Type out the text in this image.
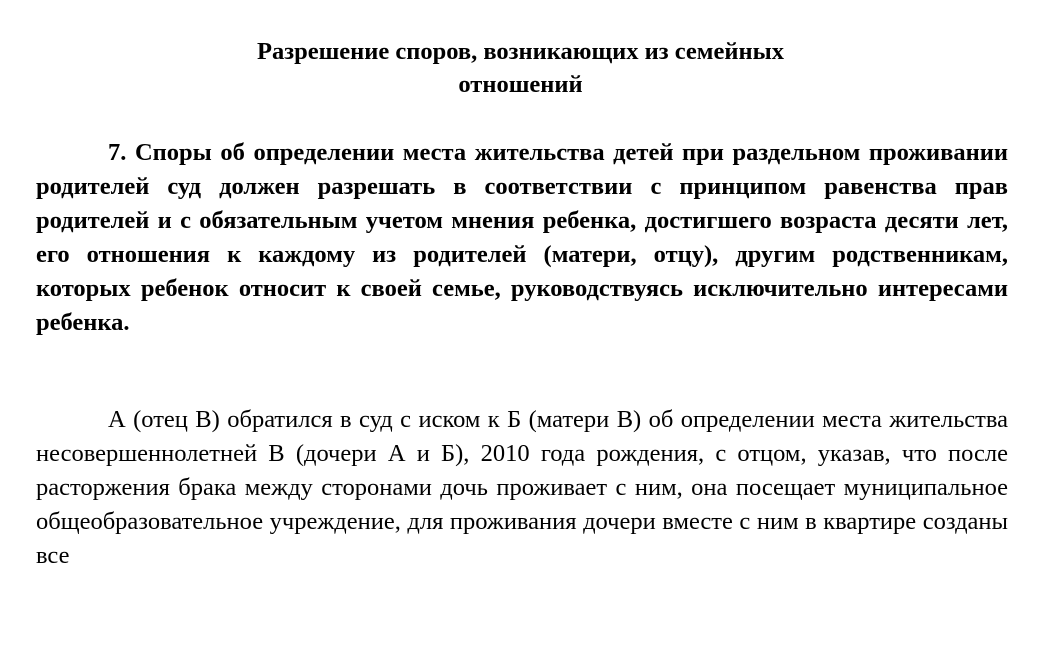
Разрешение споров, возникающих из семейных
отношений
7. Споры об определении места жительства детей при раздельном проживании родителей суд должен разрешать в соответствии с принципом равенства прав родителей и с обязательным учетом мнения ребенка, достигшего возраста десяти лет, его отношения к каждому из родителей (матери, отцу), другим родственникам, которых ребенок относит к своей семье, руководствуясь исключительно интересами ребенка.
А (отец В) обратился в суд с иском к Б (матери В) об определении места жительства несовершеннолетней В (дочери А и Б), 2010 года рождения, с отцом, указав, что после расторжения брака между сторонами дочь проживает с ним, она посещает муниципальное общеобразовательное учреждение, для проживания дочери вместе с ним в квартире созданы все
